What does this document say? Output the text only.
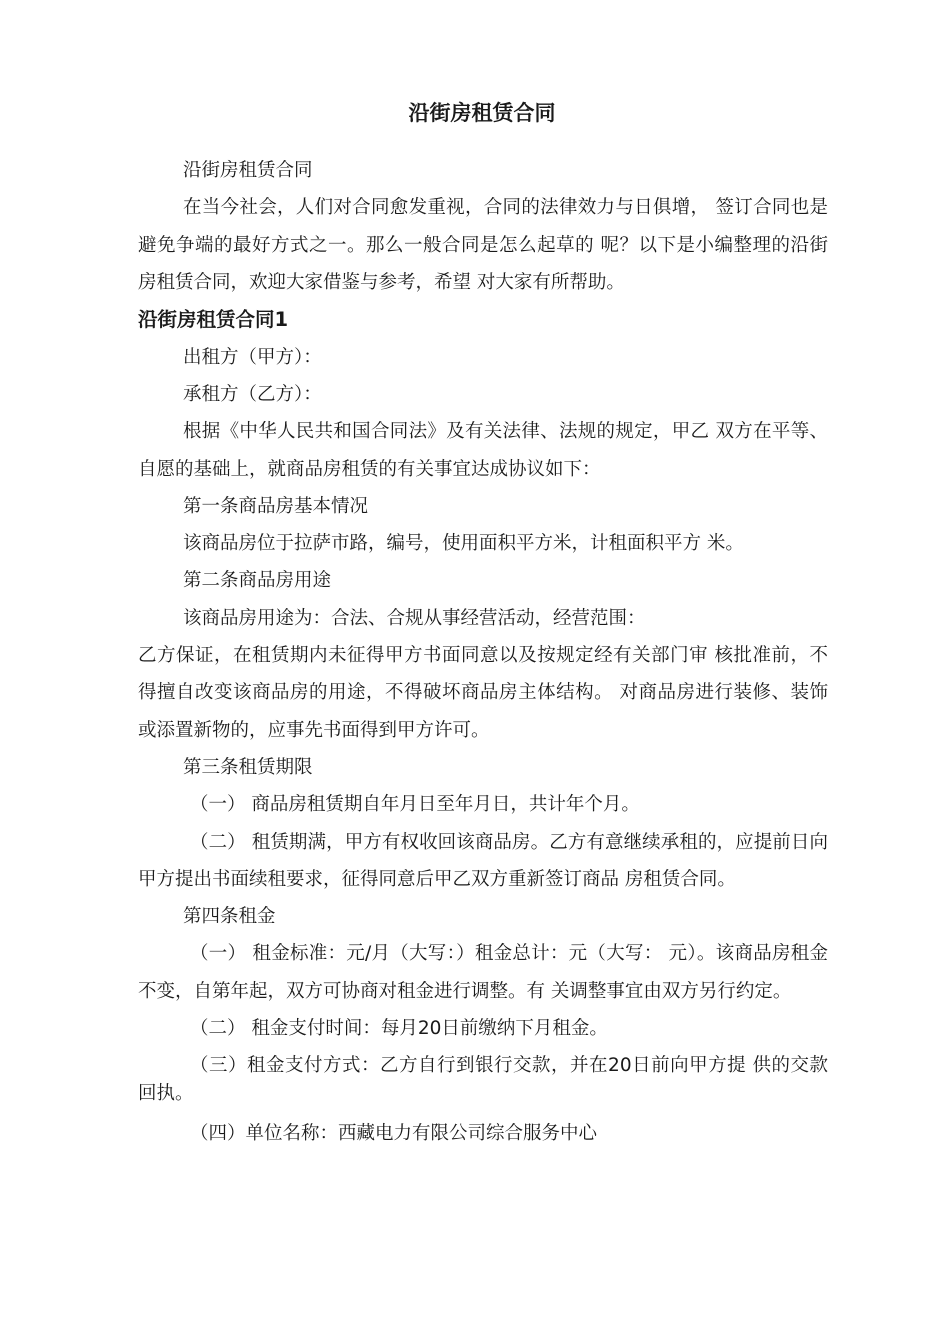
沿街房租赁合同

沿街房租赁合同

在当今社会，人们对合同愈发重视，合同的法律效力与日俱增， 签订合同也是避免争端的最好方式之一。那么一般合同是怎么起草的 呢？以下是小编整理的沿街房租赁合同，欢迎大家借鉴与参考，希望 对大家有所帮助。

沿街房租赁合同1

出租方（甲方）：

承租方（乙方）：

根据《中华人民共和国合同法》及有关法律、法规的规定，甲乙 双方在平等、自愿的基础上，就商品房租赁的有关事宜达成协议如下：

第一条商品房基本情况

该商品房位于拉萨市路，编号，使用面积平方米，计租面积平方 米。

第二条商品房用途

该商品房用途为：合法、合规从事经营活动，经营范围：

乙方保证，在租赁期内未征得甲方书面同意以及按规定经有关部门审 核批准前，不得擅自改变该商品房的用途，不得破坏商品房主体结构。 对商品房进行装修、装饰或添置新物的，应事先书面得到甲方许可。

第三条租赁期限

（一） 商品房租赁期自年月日至年月日，共计年个月。

（二） 租赁期满，甲方有权收回该商品房。乙方有意继续承租的，应提前日向甲方提出书面续租要求，征得同意后甲乙双方重新签订商品 房租赁合同。

第四条租金

（一） 租金标准：元/月（大写：）租金总计：元（大写： 元）。该商品房租金不变，自第年起，双方可协商对租金进行调整。有 关调整事宜由双方另行约定。

（二） 租金支付时间：每月20日前缴纳下月租金。

（三）租金支付方式：乙方自行到银行交款，并在20日前向甲方提 供的交款回执。

（四）单位名称：西藏电力有限公司综合服务中心
